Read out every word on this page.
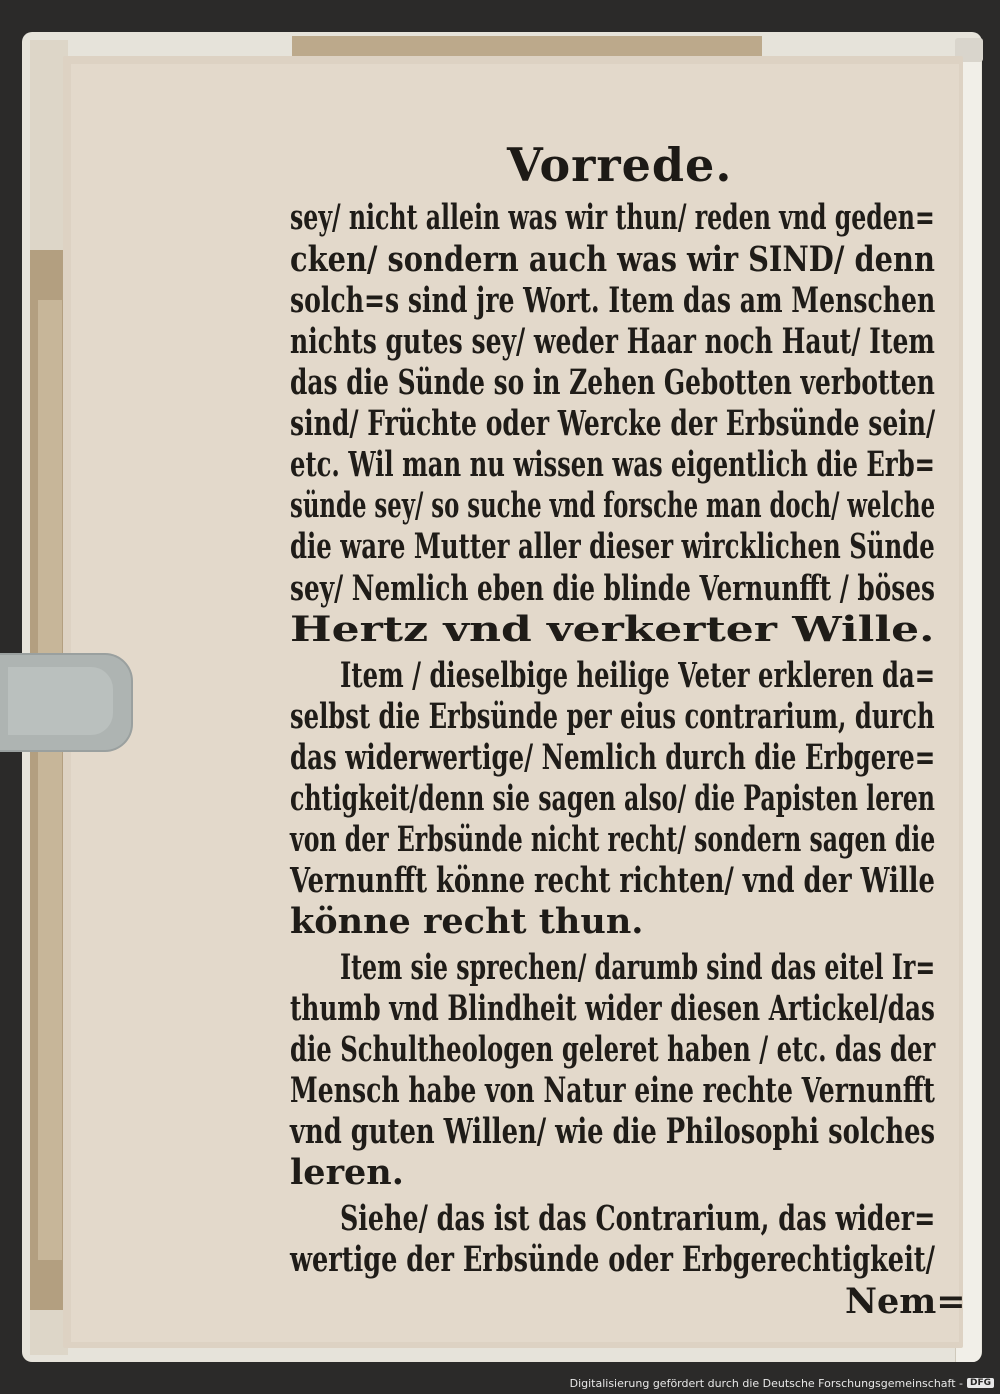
Vorrede.
sey/ nicht allein was wir thun/ reden vnd geden=
cken/ sondern auch was wir SIND/ denn
solch=s sind jre Wort. Item das am Menschen
nichts gutes sey/ weder Haar noch Haut/ Item
das die Sünde so in Zehen Gebotten verbotten
sind/ Früchte oder Wercke der Erbsünde sein/
etc. Wil man nu wissen was eigentlich die Erb=
sünde sey/ so suche vnd forsche man doch/ welche
die ware Mutter aller dieser wircklichen Sünde
sey/ Nemlich eben die blinde Vernunfft / böses
Hertz vnd verkerter Wille.
Item / dieselbige heilige Veter erkleren da=
selbst die Erbsünde per eius contrarium, durch
das widerwertige/ Nemlich durch die Erbgere=
chtigkeit/denn sie sagen also/ die Papisten leren
von der Erbsünde nicht recht/ sondern sagen die
Vernunfft könne recht richten/ vnd der Wille
könne recht thun.
Item sie sprechen/ darumb sind das eitel Ir=
thumb vnd Blindheit wider diesen Artickel/das
die Schultheologen geleret haben / etc. das der
Mensch habe von Natur eine rechte Vernunfft
vnd guten Willen/ wie die Philosophi solches
leren.
Siehe/ das ist das Contrarium, das wider=
wertige der Erbsünde oder Erbgerechtigkeit/
Nem=
Digitalisierung gefördert durch die Deutsche Forschungsgemeinschaft - DFG
